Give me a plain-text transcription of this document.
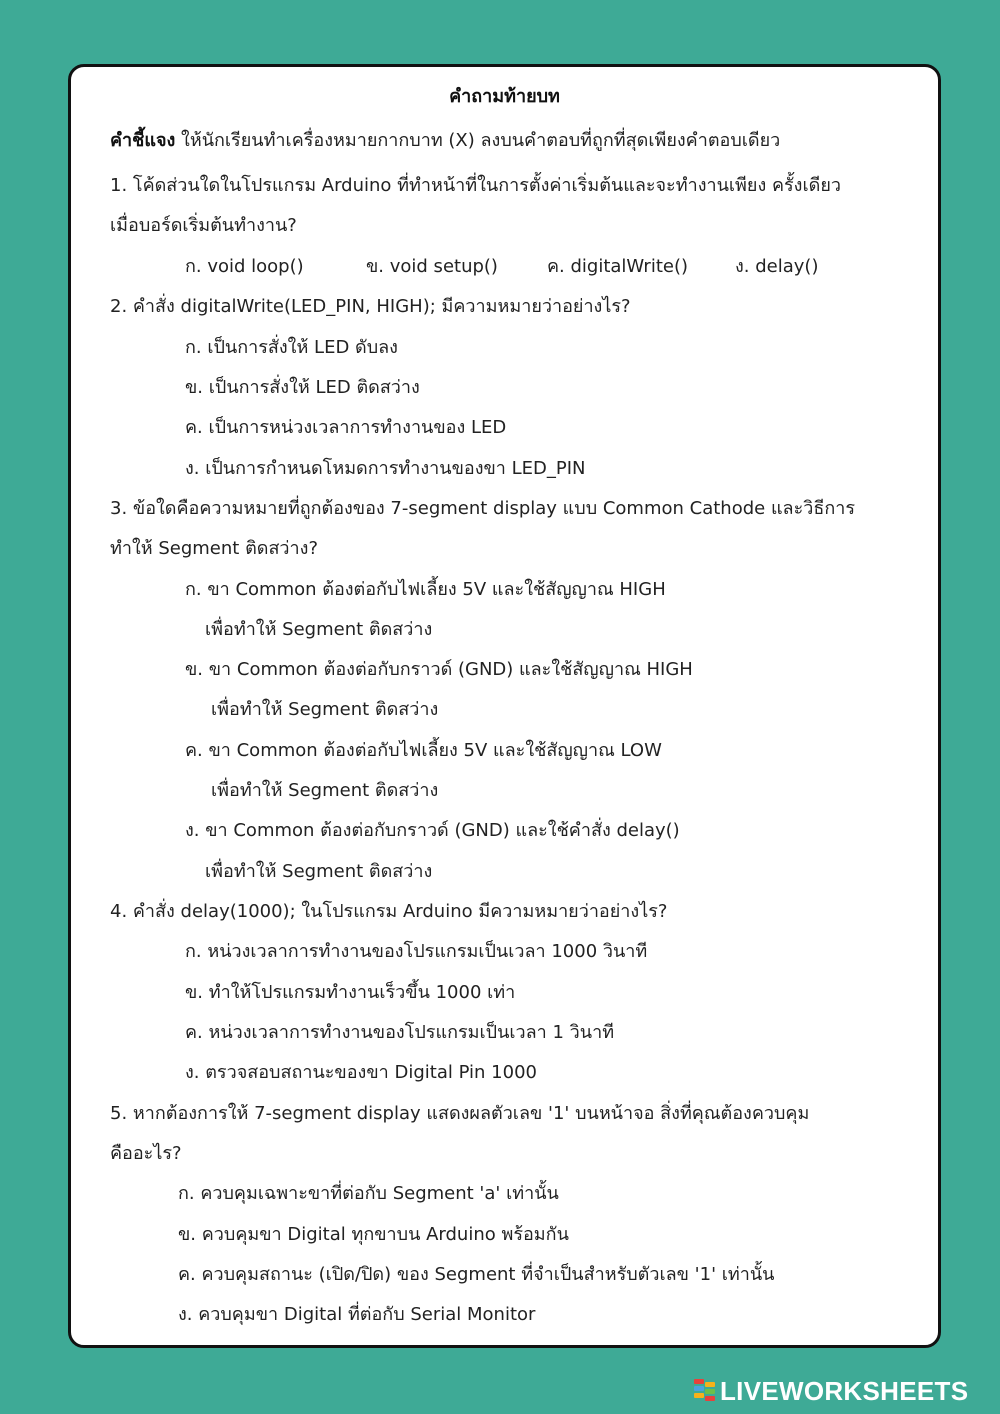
คำถามท้ายบท
คำชี้แจง ให้นักเรียนทำเครื่องหมายกากบาท (X) ลงบนคำตอบที่ถูกที่สุดเพียงคำตอบเดียว
1. โค้ดส่วนใดในโปรแกรม Arduino ที่ทำหน้าที่ในการตั้งค่าเริ่มต้นและจะทำงานเพียง ครั้งเดียว
เมื่อบอร์ดเริ่มต้นทำงาน?
ก. void loop()	ข. void setup()	ค. digitalWrite()	ง. delay()
2. คำสั่ง digitalWrite(LED_PIN, HIGH); มีความหมายว่าอย่างไร?
ก. เป็นการสั่งให้ LED ดับลง
ข. เป็นการสั่งให้ LED ติดสว่าง
ค. เป็นการหน่วงเวลาการทำงานของ LED
ง. เป็นการกำหนดโหมดการทำงานของขา LED_PIN
3. ข้อใดคือความหมายที่ถูกต้องของ 7-segment display แบบ Common Cathode และวิธีการ
ทำให้ Segment ติดสว่าง?
ก. ขา Common ต้องต่อกับไฟเลี้ยง 5V และใช้สัญญาณ HIGH
เพื่อทำให้ Segment ติดสว่าง
ข. ขา Common ต้องต่อกับกราวด์ (GND) และใช้สัญญาณ HIGH
เพื่อทำให้ Segment ติดสว่าง
ค. ขา Common ต้องต่อกับไฟเลี้ยง 5V และใช้สัญญาณ LOW
เพื่อทำให้ Segment ติดสว่าง
ง. ขา Common ต้องต่อกับกราวด์ (GND) และใช้คำสั่ง delay()
เพื่อทำให้ Segment ติดสว่าง
4. คำสั่ง delay(1000); ในโปรแกรม Arduino มีความหมายว่าอย่างไร?
ก. หน่วงเวลาการทำงานของโปรแกรมเป็นเวลา 1000 วินาที
ข. ทำให้โปรแกรมทำงานเร็วขึ้น 1000 เท่า
ค. หน่วงเวลาการทำงานของโปรแกรมเป็นเวลา 1 วินาที
ง. ตรวจสอบสถานะของขา Digital Pin 1000
5. หากต้องการให้ 7-segment display แสดงผลตัวเลข '1' บนหน้าจอ สิ่งที่คุณต้องควบคุม
คืออะไร?
ก. ควบคุมเฉพาะขาที่ต่อกับ Segment 'a' เท่านั้น
ข. ควบคุมขา Digital ทุกขาบน Arduino พร้อมกัน
ค. ควบคุมสถานะ (เปิด/ปิด) ของ Segment ที่จำเป็นสำหรับตัวเลข '1' เท่านั้น
ง. ควบคุมขา Digital ที่ต่อกับ Serial Monitor
LIVEWORKSHEETS
